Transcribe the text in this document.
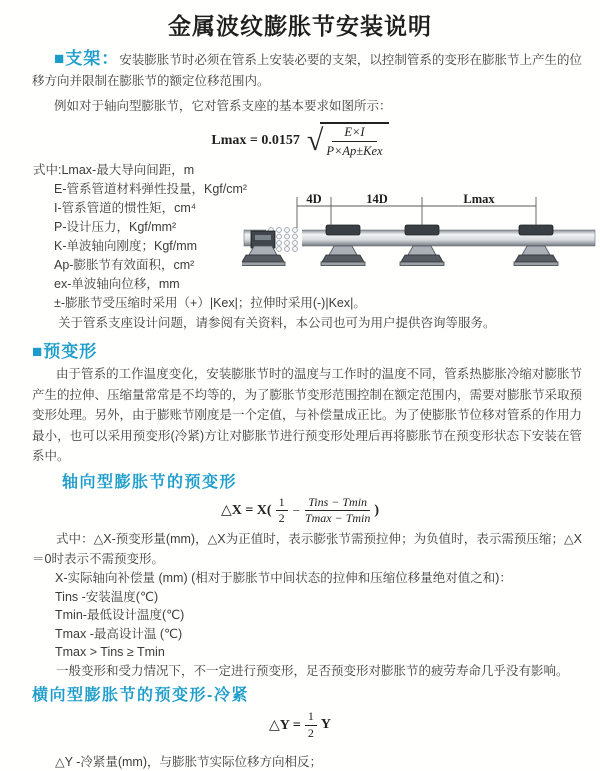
金属波纹膨胀节安装说明

■支架：安装膨胀节时必须在管系上安装必要的支架，以控制管系的变形在膨胀节上产生的位移方向并限制在膨胀节的额定位移范围内。

例如对于轴向型膨胀节，它对管系支座的基本要求如图所示：

Lmax = 0.0157 √
$\frac{E\times I}{\text{P×Ap±Kex}}$
式中:Lmax-最大导向间距，m
E-管系管道材料弹性投量，Kgf/cm²
I-管系管道的惯性矩，cm⁴
P-设计压力，Kgf/mm²
K-单波轴向刚度；Kgf/mm
Ap-膨胀节有效面积，cm²
ex-单波轴向位移，mm
±-膨胀节受压缩时采用（+）|Kex|；拉伸时采用(-)|Kex|。
4D	14D	Lmax

关于管系支座设计问题，请参阅有关资料，本公司也可为用户提供咨询等服务。

■预变形

由于管系的工作温度变化，安装膨胀节时的温度与工作时的温度不同，管系热膨胀冷缩对膨胀节产生的拉伸、压缩量常常是不均等的，为了膨胀节变形范围控制在额定范围内，需要对膨胀节采取预变形处理。另外，由于膨账节刚度是一个定值，与补偿量成正比。为了使膨胀节位移对管系的作用力最小，也可以采用预变形(冷紧)方让对膨胀节进行预变形处理后再将膨胀节在预变形状态下安装在管系中。

轴向型膨胀节的预变形
△X = $X( \frac{1}{2} - \frac{\text{Tins − Tmin}}{Tmax - Tmin}$ )

式中：△X-预变形量(mm)，△X为正值时，表示膨张节需预拉伸；为负值时，表示需预压缩；△X＝0时表示不需预变形。

X-实际轴向补偿量 (mm) (相对于膨胀节中间状态的拉伸和压缩位移量绝对值之和)：
Tins -安装温度(℃)
Tmin-最低设计温度(℃)
Tmax -最高设计温 (℃)
Tmax > Tins ≥ Tmin

一般变形和受力情况下，不一定进行预变形，足否预变形对膨胀节的疲劳寿命几乎没有影响。

横向型膨胀节的预变形-冷紧
△Y = $\frac{1}{2}$ Y

△Y -冷紧量(mm)，与膨胀节实际位移方向相反；
